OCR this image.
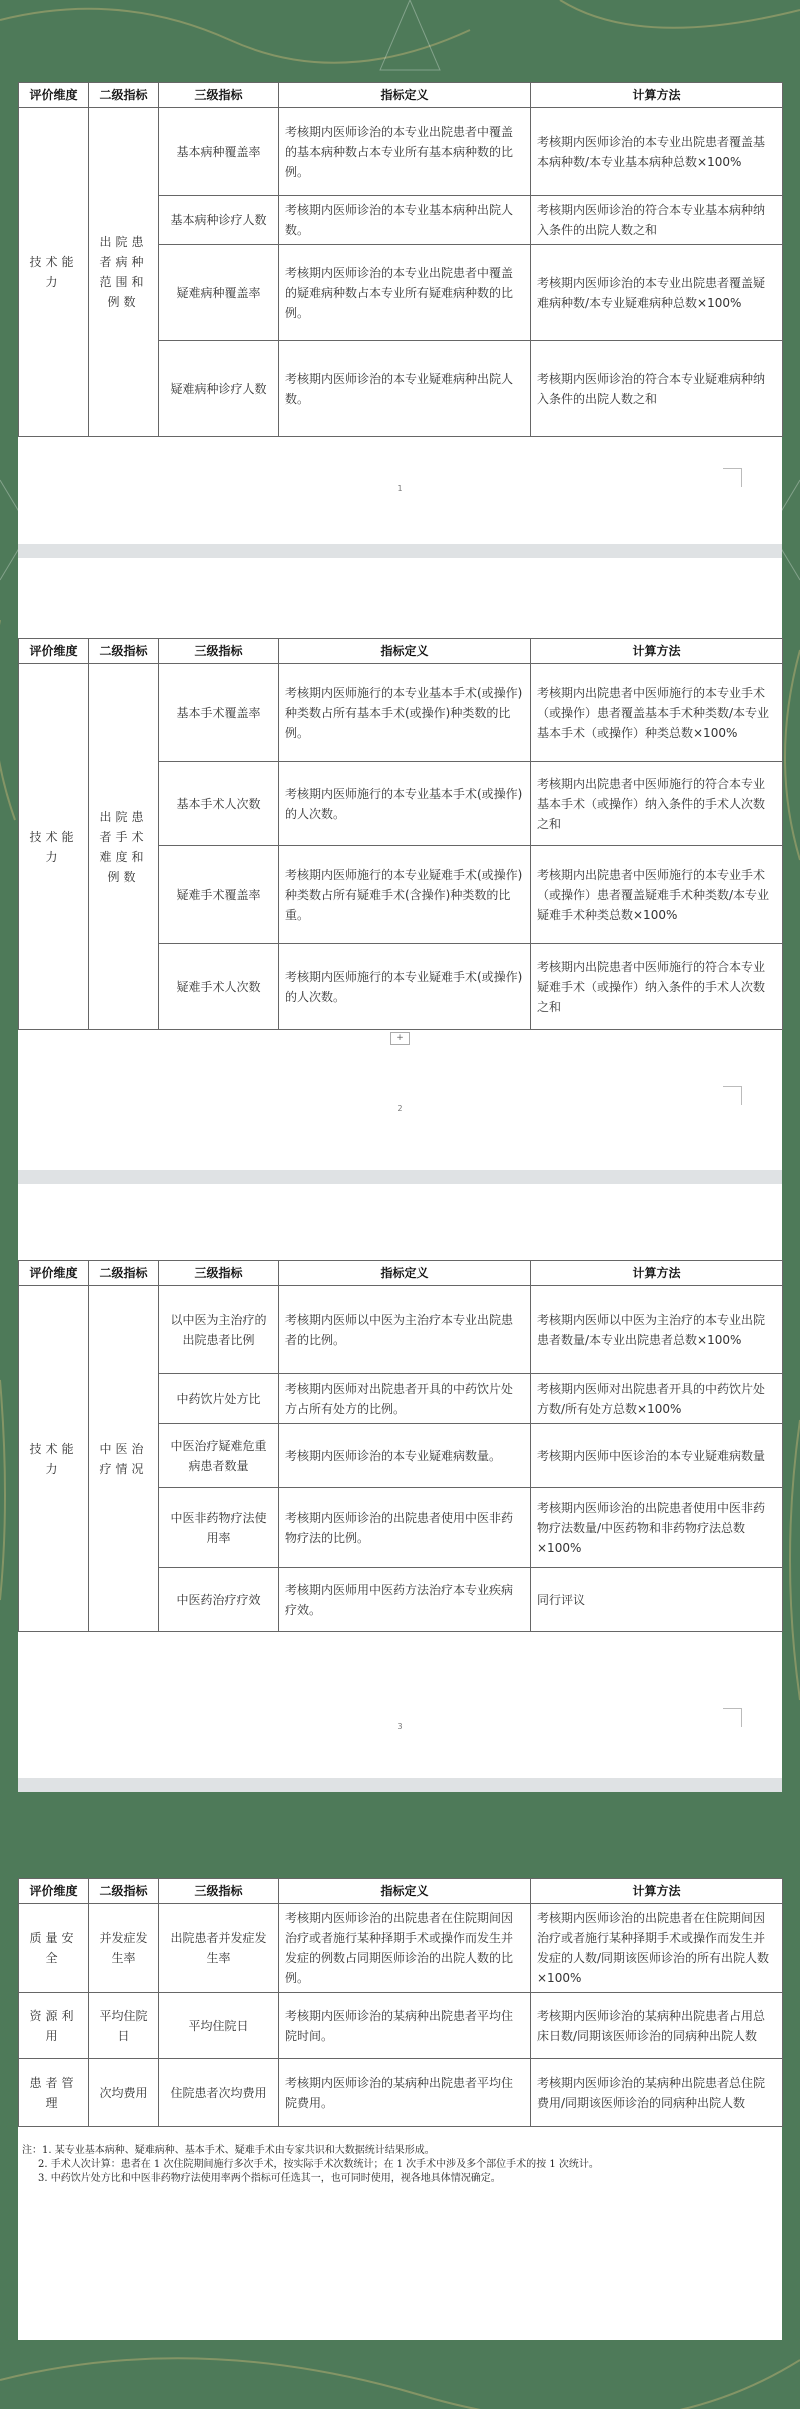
评价维度	二级指标	三级指标	指标定义	计算方法
技术能力	出院患者病种范围和例数	基本病种覆盖率	考核期内医师诊治的本专业出院患者中覆盖的基本病种数占本专业所有基本病种数的比例。	考核期内医师诊治的本专业出院患者覆盖基本病种数/本专业基本病种总数×100%
		基本病种诊疗人数	考核期内医师诊治的本专业基本病种出院人数。	考核期内医师诊治的符合本专业基本病种纳入条件的出院人数之和
		疑难病种覆盖率	考核期内医师诊治的本专业出院患者中覆盖的疑难病种数占本专业所有疑难病种数的比例。	考核期内医师诊治的本专业出院患者覆盖疑难病种数/本专业疑难病种总数×100%
		疑难病种诊疗人数	考核期内医师诊治的本专业疑难病种出院人数。	考核期内医师诊治的符合本专业疑难病种纳入条件的出院人数之和
1
评价维度	二级指标	三级指标	指标定义	计算方法
技术能力	出院患者手术难度和例数	基本手术覆盖率	考核期内医师施行的本专业基本手术(或操作)种类数占所有基本手术(或操作)种类数的比例。	考核期内出院患者中医师施行的本专业手术（或操作）患者覆盖基本手术种类数/本专业基本手术（或操作）种类总数×100%
		基本手术人次数	考核期内医师施行的本专业基本手术(或操作)的人次数。	考核期内出院患者中医师施行的符合本专业基本手术（或操作）纳入条件的手术人次数之和
		疑难手术覆盖率	考核期内医师施行的本专业疑难手术(或操作)种类数占所有疑难手术(含操作)种类数的比重。	考核期内出院患者中医师施行的本专业手术（或操作）患者覆盖疑难手术种类数/本专业疑难手术种类总数×100%
		疑难手术人次数	考核期内医师施行的本专业疑难手术(或操作)的人次数。	考核期内出院患者中医师施行的符合本专业疑难手术（或操作）纳入条件的手术人次数之和
+
2
评价维度	二级指标	三级指标	指标定义	计算方法
技术能力	中医治疗情况	以中医为主治疗的出院患者比例	考核期内医师以中医为主治疗本专业出院患者的比例。	考核期内医师以中医为主治疗的本专业出院患者数量/本专业出院患者总数×100%
		中药饮片处方比	考核期内医师对出院患者开具的中药饮片处方占所有处方的比例。	考核期内医师对出院患者开具的中药饮片处方数/所有处方总数×100%
		中医治疗疑难危重病患者数量	考核期内医师诊治的本专业疑难病数量。	考核期内医师中医诊治的本专业疑难病数量
		中医非药物疗法使用率	考核期内医师诊治的出院患者使用中医非药物疗法的比例。	考核期内医师诊治的出院患者使用中医非药物疗法数量/中医药物和非药物疗法总数×100%
		中医药治疗疗效	考核期内医师用中医药方法治疗本专业疾病疗效。	同行评议
3
评价维度	二级指标	三级指标	指标定义	计算方法
质量安全	并发症发生率	出院患者并发症发生率	考核期内医师诊治的出院患者在住院期间因治疗或者施行某种择期手术或操作而发生并发症的例数占同期医师诊治的出院人数的比例。	考核期内医师诊治的出院患者在住院期间因治疗或者施行某种择期手术或操作而发生并发症的人数/同期该医师诊治的所有出院人数×100%
资源利用	平均住院日	平均住院日	考核期内医师诊治的某病种出院患者平均住院时间。	考核期内医师诊治的某病种出院患者占用总床日数/同期该医师诊治的同病种出院人数
患者管理	次均费用	住院患者次均费用	考核期内医师诊治的某病种出院患者平均住院费用。	考核期内医师诊治的某病种出院患者总住院费用/同期该医师诊治的同病种出院人数
注：1. 某专业基本病种、疑难病种、基本手术、疑难手术由专家共识和大数据统计结果形成。
2. 手术人次计算：患者在 1 次住院期间施行多次手术，按实际手术次数统计；在 1 次手术中涉及多个部位手术的按 1 次统计。
3. 中药饮片处方比和中医非药物疗法使用率两个指标可任选其一，也可同时使用，视各地具体情况确定。
